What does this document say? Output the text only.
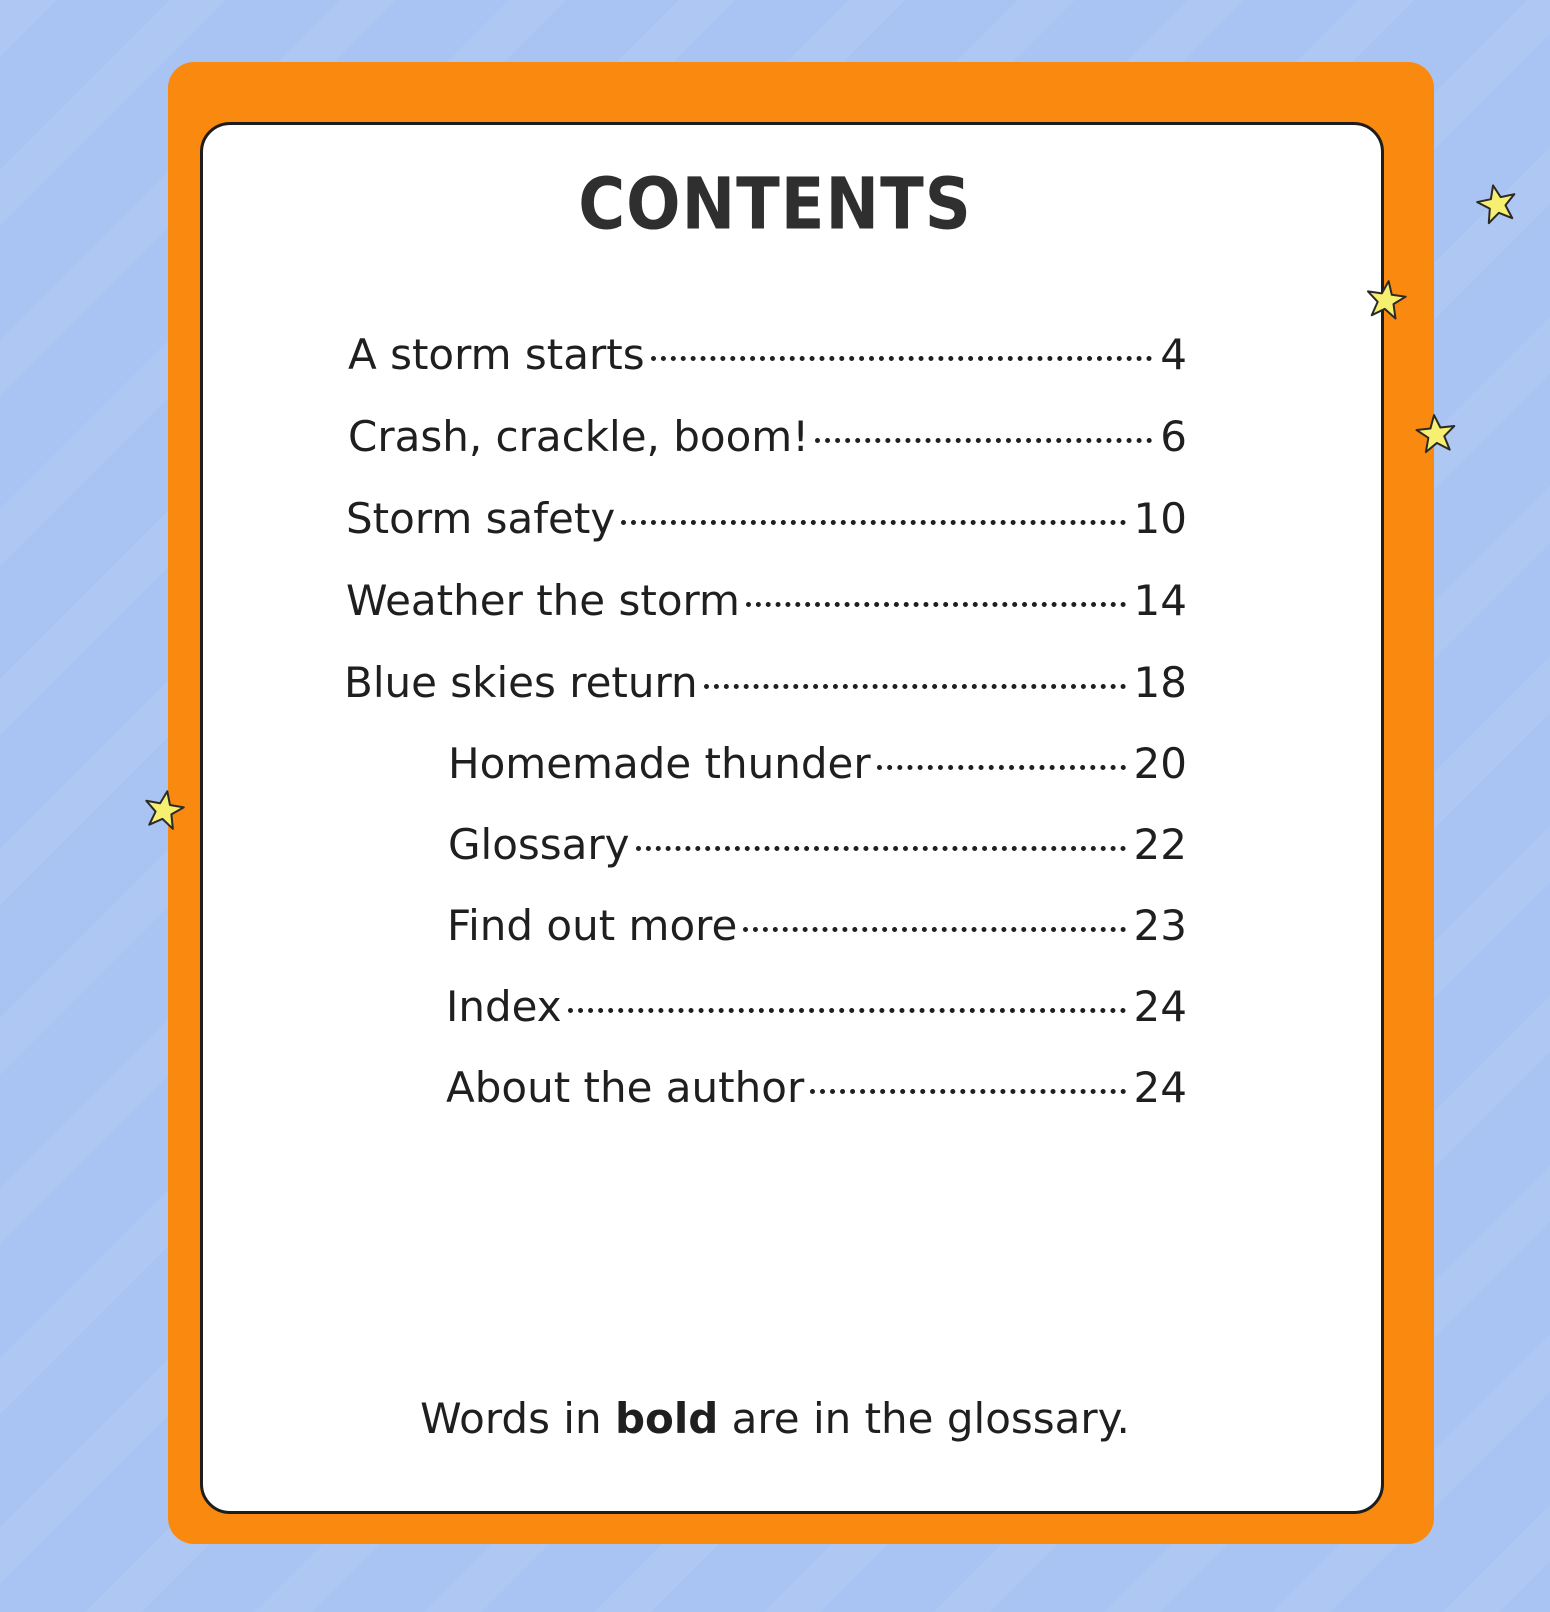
CONTENTS
A storm starts	4
Crash, crackle, boom!	6
Storm safety	10
Weather the storm	14
Blue skies return	18
Homemade thunder	20
Glossary	22
Find out more	23
Index	24
About the author	24
Words in bold are in the glossary.
